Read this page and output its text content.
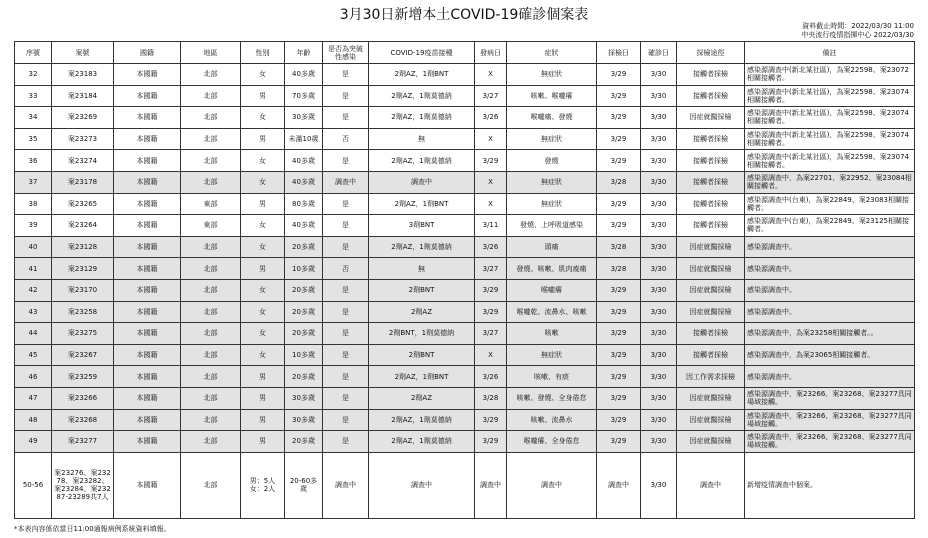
3月30日新增本土COVID-19確診個案表
資料截止時間：2022/03/30 11:00
中央流行疫情指揮中心 2022/03/30
序號	案號	國籍	地區	性別	年齡	是否為突破性感染	COVID-19疫苗接種	發病日	症狀	採檢日	確診日	採檢途徑	備註
32	案23183	本國籍	北部	女	40多歲	是	2劑AZ，1劑BNT	X	無症狀	3/29	3/30	接觸者採檢	感染源調查中(新北某社區)，為案22598、案23072相關接觸者。
33	案23184	本國籍	北部	男	70多歲	是	2劑AZ，1劑莫德納	3/27	咳嗽、喉嚨癢	3/29	3/30	接觸者採檢	感染源調查中(新北某社區)，為案22598、案23074相關接觸者。
34	案23269	本國籍	北部	女	30多歲	是	2劑AZ，1劑莫德納	3/26	喉嚨痛、發燒	3/29	3/30	因症就醫採檢	感染源調查中(新北某社區)，為案22598、案23074相關接觸者。
35	案23273	本國籍	北部	男	未滿10歲	否	無	X	無症狀	3/29	3/30	接觸者採檢	感染源調查中(新北某社區)，為案22598、案23074相關接觸者。
36	案23274	本國籍	北部	女	40多歲	是	2劑AZ，1劑莫德納	3/29	發燒	3/29	3/30	接觸者採檢	感染源調查中(新北某社區)，為案22598、案23074相關接觸者。
37	案23178	本國籍	北部	女	40多歲	調查中	調查中	X	無症狀	3/28	3/30	接觸者採檢	感染源調查中，為案22701、案22952、案23084相關接觸者。
38	案23265	本國籍	東部	男	80多歲	是	2劑AZ，1劑BNT	X	無症狀	3/29	3/30	接觸者採檢	感染源調查中(台東)，為案22849、案23083相關接觸者。
39	案23264	本國籍	東部	女	40多歲	是	3劑BNT	3/11	發燒、上呼吸道感染	3/29	3/30	接觸者採檢	感染源調查中(台東)，為案22849、案23125相關接觸者。
40	案23128	本國籍	北部	女	20多歲	是	2劑AZ，1劑莫德納	3/26	頭痛	3/28	3/30	因症就醫採檢	感染源調查中。
41	案23129	本國籍	北部	男	10多歲	否	無	3/27	發燒、咳嗽、肌肉痠痛	3/28	3/30	因症就醫採檢	感染源調查中。
42	案23170	本國籍	北部	女	20多歲	是	2劑BNT	3/29	喉嚨癢	3/29	3/30	因症就醫採檢	感染源調查中。
43	案23258	本國籍	北部	女	20多歲	是	2劑AZ	3/29	喉嚨乾、流鼻水、咳嗽	3/29	3/30	因症就醫採檢	感染源調查中。
44	案23275	本國籍	北部	女	20多歲	是	2劑BNT，1劑莫德納	3/27	咳嗽	3/29	3/30	接觸者採檢	感染源調查中，為案23258相關接觸者。。
45	案23267	本國籍	北部	女	10多歲	是	2劑BNT	X	無症狀	3/29	3/30	接觸者採檢	感染源調查中，為案23065相關接觸者。
46	案23259	本國籍	北部	男	20多歲	是	2劑AZ，1劑BNT	3/26	咳嗽、有痰	3/29	3/30	因工作需求採檢	感染源調查中。
47	案23266	本國籍	北部	男	30多歲	是	2劑AZ	3/28	咳嗽、發燒、全身倦怠	3/29	3/30	因症就醫採檢	感染源調查中，案23266、案23268、案23277具同場域接觸。
48	案23268	本國籍	北部	男	30多歲	是	2劑AZ，1劑莫德納	3/29	咳嗽、流鼻水	3/29	3/30	因症就醫採檢	感染源調查中，案23266、案23268、案23277具同場域接觸。
49	案23277	本國籍	北部	男	20多歲	是	2劑AZ，1劑莫德納	3/29	喉嚨癢、全身倦怠	3/29	3/30	因症就醫採檢	感染源調查中，案23266、案23268、案23277具同場域接觸。
50-56	案23276、案23278、案23282、案23284、案23287-23289共7人	本國籍	北部	男：5人 女：2人	20-60多歲	調查中	調查中	調查中	調查中	調查中	3/30	調查中	新增疫情調查中個案。
*本表內容係依當日11:00通報病例系統資料填報。
